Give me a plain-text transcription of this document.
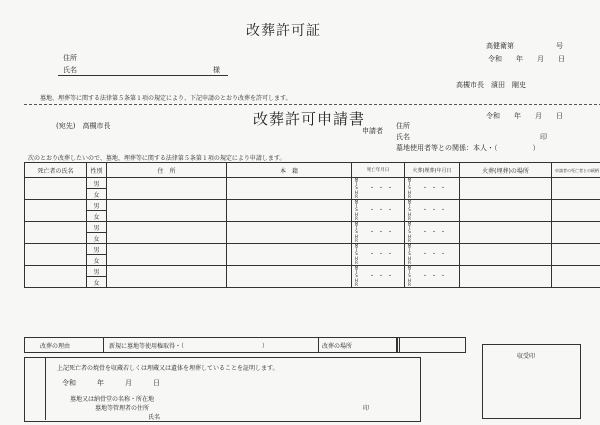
改葬許可証
高健衛第	号
令和　　年　　月　　日
住所
氏名	様
高槻市長　濱田　剛史
墓地、埋葬等に関する法律第５条第１項の規定により、下記申請のとおり改葬を許可します。
改葬許可申請書
(宛先)　高槻市長
令和　　年　　月　　日
申請者
住所
氏名	印
墓地使用者等との関係：本人・（　　　　　）
次のとおり改葬したいので、墓地、埋葬等に関する法律第５条第１項の規定により申請します。
死亡者の氏名	性別	住　所	本　籍	死亡年月日	火葬(埋葬)年月日	火葬(埋葬)の場所	申請者の死亡者との続柄
	男			M T S H R・・・	M T S H R・・・		
	女						
	男			M T S H R・・・	M T S H R・・・		
	女						
	男			M T S H R・・・	M T S H R・・・		
	女						
	男			M T S H R・・・	M T S H R・・・		
	女						
	男			M T S H R・・・	M T S H R・・・		
	女						
改葬の理由	新規に墓地等使用権取得・（　　　　　　　　　　　　　）	改葬の場所
上記死亡者の焼骨を収蔵若しくは埋蔵又は遺体を埋葬していることを証明します。
令和　　　年　　　月　　　日
墓地又は納骨堂の名称・所在地
墓地等管理者の住所
氏名
印
収受印
